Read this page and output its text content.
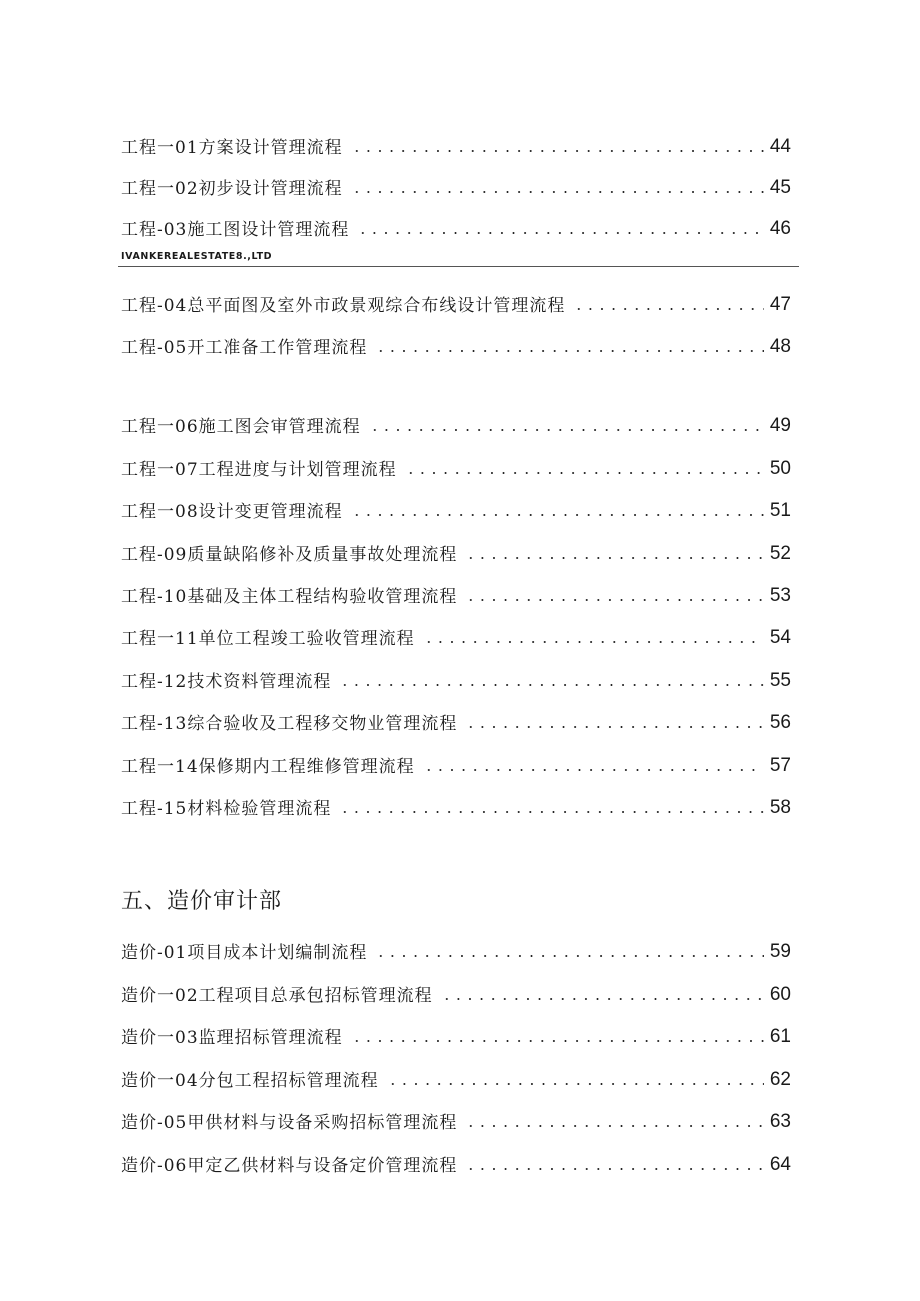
工程一01方案设计管理流程	44
工程一02初步设计管理流程	45
工程-03施工图设计管理流程	46
IVANKEREALESTATE8.,LTD
工程-04总平面图及室外市政景观综合布线设计管理流程	47
工程-05开工准备工作管理流程	48
工程一06施工图会审管理流程	49
工程一07工程进度与计划管理流程	50
工程一08设计变更管理流程	51
工程-09质量缺陷修补及质量事故处理流程	52
工程-10基础及主体工程结构验收管理流程	53
工程一11单位工程竣工验收管理流程	54
工程-12技术资料管理流程	55
工程-13综合验收及工程移交物业管理流程	56
工程一14保修期内工程维修管理流程	57
工程-15材料检验管理流程	58
五、造价审计部
造价-01项目成本计划编制流程	59
造价一02工程项目总承包招标管理流程	60
造价一03监理招标管理流程	61
造价一04分包工程招标管理流程	62
造价-05甲供材料与设备采购招标管理流程	63
造价-06甲定乙供材料与设备定价管理流程	64
